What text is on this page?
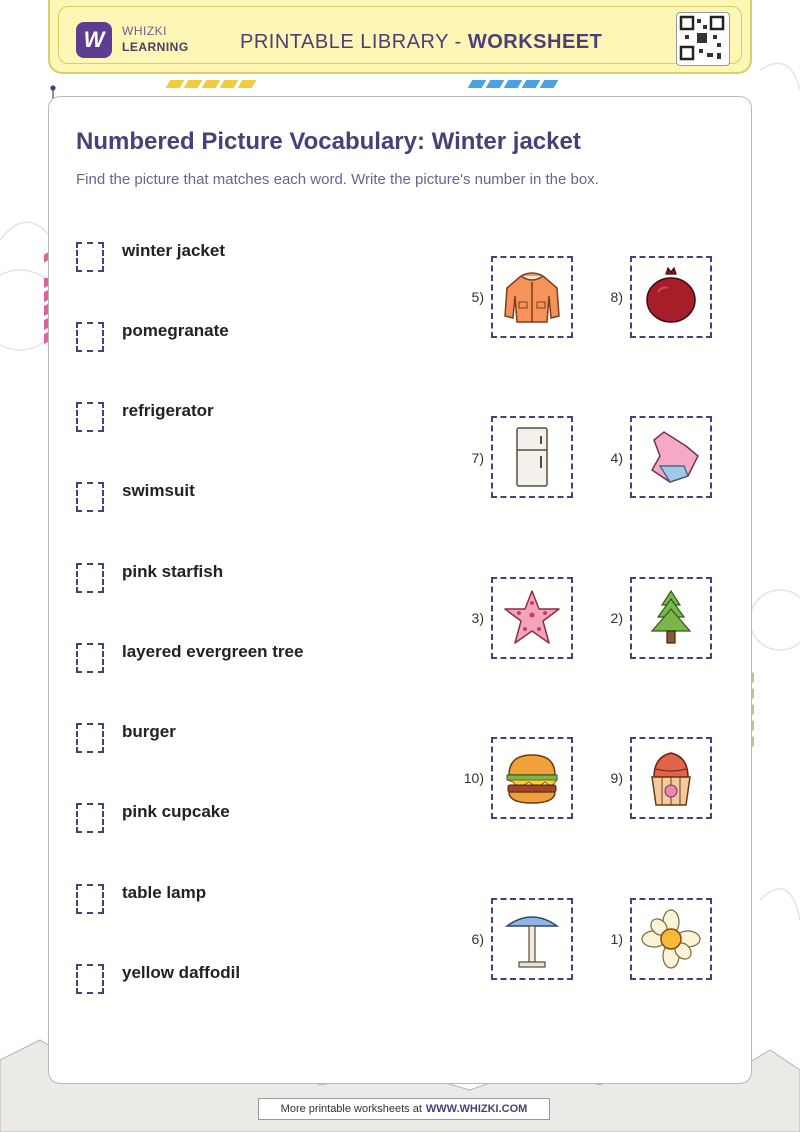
W	WHIZKI
LEARNING	PRINTABLE LIBRARY - WORKSHEET
Numbered Picture Vocabulary: Winter jacket
Find the picture that matches each word. Write the picture's number in the box.
winter jacket
pomegranate
refrigerator
swimsuit
pink starfish
layered evergreen tree
burger
pink cupcake
table lamp
yellow daffodil
5)	8)
7)	4)
3)	2)
10)	9)
6)	1)
More printable worksheets at WWW.WHIZKI.COM
